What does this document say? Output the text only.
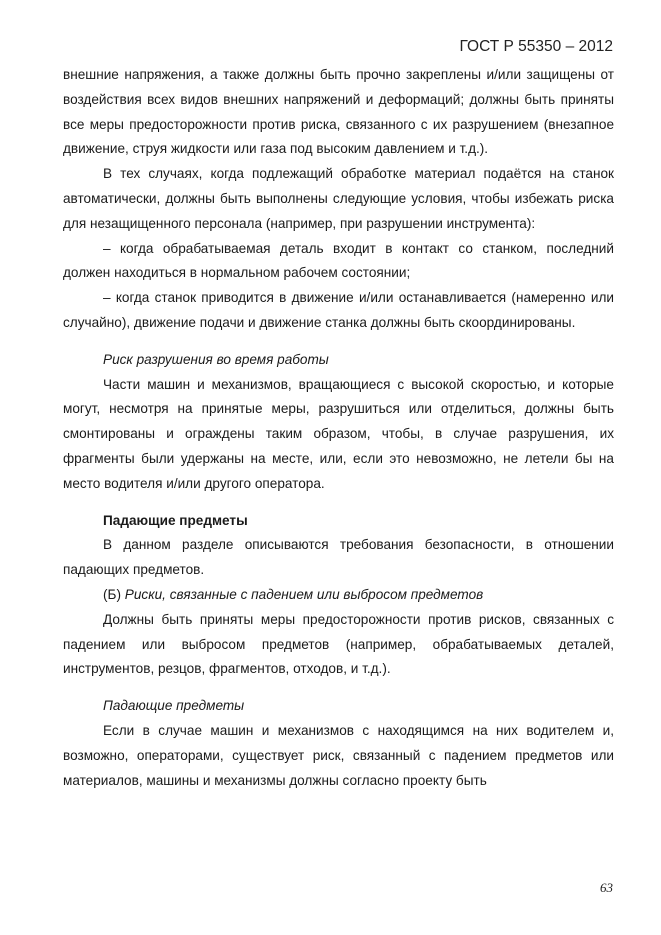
ГОСТ Р 55350 – 2012

внешние напряжения, а также должны быть прочно закреплены и/или защищены от воздействия всех видов внешних напряжений и деформаций; должны быть приняты все меры предосторожности против риска, связанного с их разрушением (внезапное движение, струя жидкости или газа под высоким давлением и т.д.).

В тех случаях, когда подлежащий обработке материал подаётся на станок автоматически, должны быть выполнены следующие условия, чтобы избежать риска для незащищенного персонала (например, при разрушении инструмента):

– когда обрабатываемая деталь входит в контакт со станком, последний должен находиться в нормальном рабочем состоянии;

– когда станок приводится в движение и/или останавливается (намеренно или случайно), движение подачи и движение станка должны быть скоординированы.

Риск разрушения во время работы

Части машин и механизмов, вращающиеся с высокой скоростью, и которые могут, несмотря на принятые меры, разрушиться или отделиться, должны быть смонтированы и ограждены таким образом, чтобы, в случае разрушения, их фрагменты были удержаны на месте, или, если это невозможно, не летели бы на место водителя и/или другого оператора.

Падающие предметы

В данном разделе описываются требования безопасности, в отношении падающих предметов.

(Б) Риски, связанные с падением или выбросом предметов

Должны быть приняты меры предосторожности против рисков, связанных с падением или выбросом предметов (например, обрабатываемых деталей, инструментов, резцов, фрагментов, отходов, и т.д.).

Падающие предметы

Если в случае машин и механизмов с находящимся на них водителем и, возможно, операторами, существует риск, связанный с падением предметов или материалов, машины и механизмы должны согласно проекту быть

63
